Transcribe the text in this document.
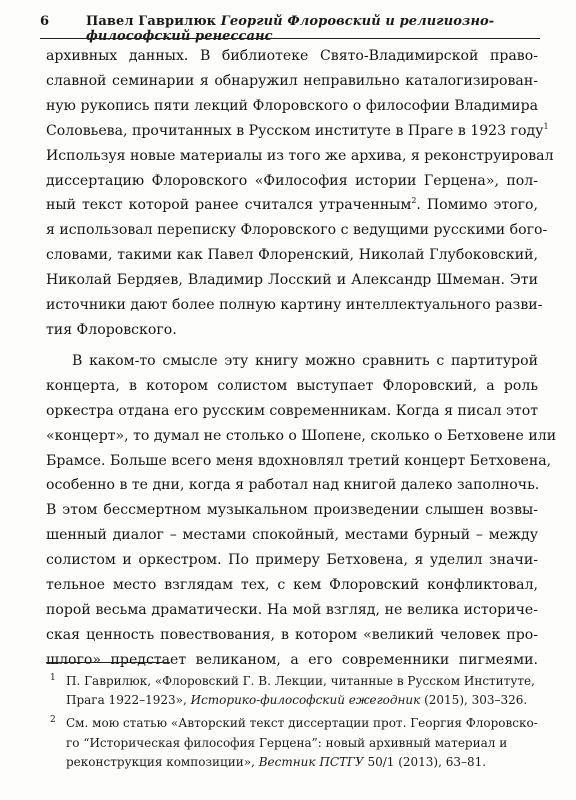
6	Павел Гаврилюк Георгий Флоровский и религиозно-философский ренессанс

архивных данных. В библиотеке Свято-Владимирской право-
славной семинарии я обнаружил неправильно каталогизирован-
ную рукопись пяти лекций Флоровского о философии Владимира
Соловьева, прочитанных в Русском институте в Праге в 1923 году$^1$
Используя новые материалы из того же архива, я реконструировал
диссертацию Флоровского «Философия истории Герцена», пол-
ный текст которой ранее считался утраченным$^2$. Помимо этого,
я использовал переписку Флоровского с ведущими русскими бого-
словами, такими как Павел Флоренский, Николай Глубоковский,
Николай Бердяев, Владимир Лосский и Александр Шмеман. Эти
источники дают более полную картину интеллектуального разви-
тия Флоровского.

В каком-то смысле эту книгу можно сравнить с партитурой
концерта, в котором солистом выступает Флоровский, а роль
оркестра отдана его русским современникам. Когда я писал этот
«концерт», то думал не столько о Шопене, сколько о Бетховене или
Брамсе. Больше всего меня вдохновлял третий концерт Бетховена,
особенно в те дни, когда я работал над книгой далеко заполночь.
В этом бессмертном музыкальном произведении слышен возвы-
шенный диалог – местами спокойный, местами бурный – между
солистом и оркестром. По примеру Бетховена, я уделил значи-
тельное место взглядам тех, с кем Флоровский конфликтовал,
порой весьма драматически. На мой взгляд, не велика историче-
ская ценность повествования, в котором «великий человек про-
шлого» предстает великаном, а его современники пигмеями.

1 П. Гаврилюк, «Флоровский Г. В. Лекции, читанные в Русском Институте, Прага 1922–1923», Историко-философский ежегодник (2015), 303–326.
2 См. мою статью «Авторский текст диссертации прот. Георгия Флоровско-го “Историческая философия Герцена”: новый архивный материал и реконструкция композиции», Вестник ПСТГУ 50/1 (2013), 63–81.
